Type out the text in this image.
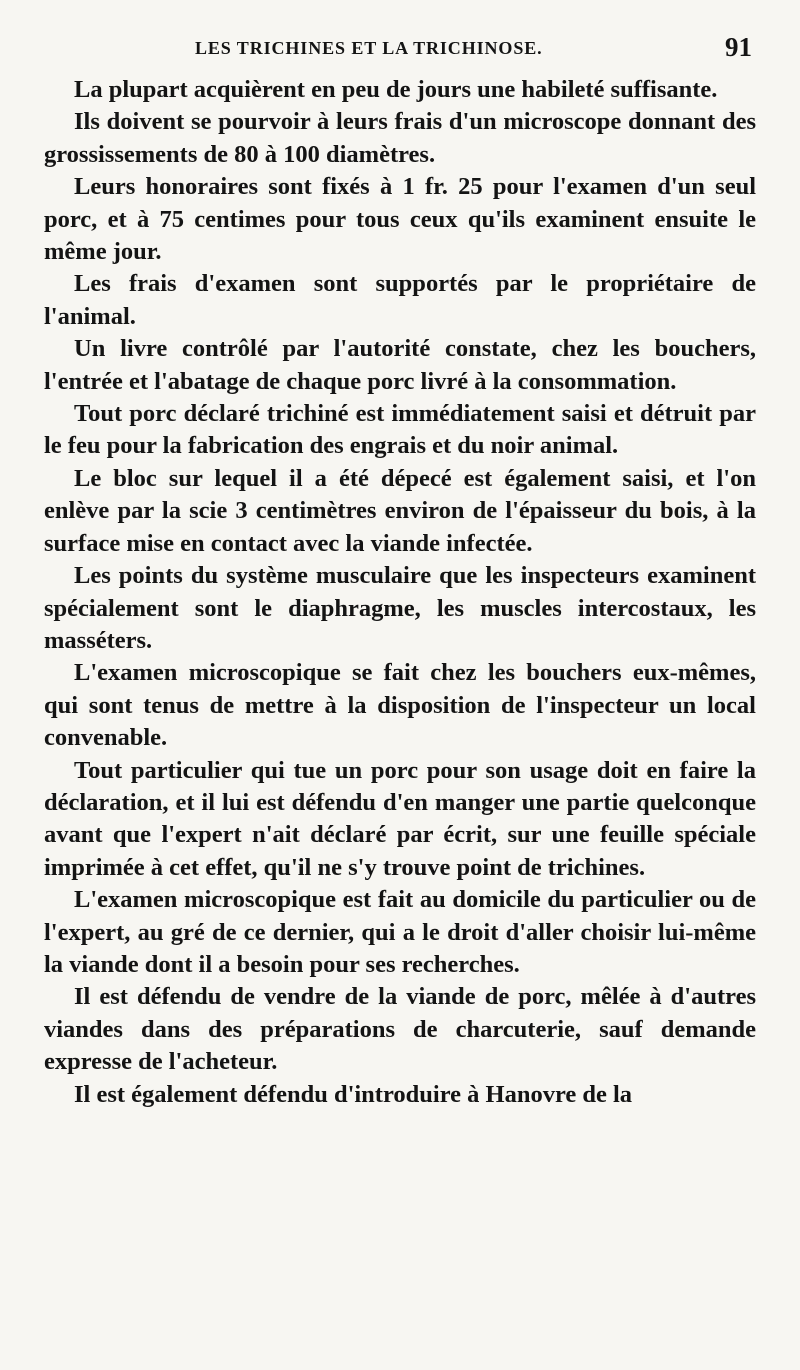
LES TRICHINES ET LA TRICHINOSE.	91

La plupart acquièrent en peu de jours une habileté suffisante.

Ils doivent se pourvoir à leurs frais d'un microscope donnant des grossissements de 80 à 100 diamètres.

Leurs honoraires sont fixés à 1 fr. 25 pour l'examen d'un seul porc, et à 75 centimes pour tous ceux qu'ils examinent ensuite le même jour.

Les frais d'examen sont supportés par le propriétaire de l'animal.

Un livre contrôlé par l'autorité constate, chez les bouchers, l'entrée et l'abatage de chaque porc livré à la consommation.

Tout porc déclaré trichiné est immédiatement saisi et détruit par le feu pour la fabrication des engrais et du noir animal.

Le bloc sur lequel il a été dépecé est également saisi, et l'on enlève par la scie 3 centimètres environ de l'épaisseur du bois, à la surface mise en contact avec la viande infectée.

Les points du système musculaire que les inspecteurs examinent spécialement sont le diaphragme, les muscles intercostaux, les masséters.

L'examen microscopique se fait chez les bouchers eux-mêmes, qui sont tenus de mettre à la disposition de l'inspecteur un local convenable.

Tout particulier qui tue un porc pour son usage doit en faire la déclaration, et il lui est défendu d'en manger une partie quelconque avant que l'expert n'ait déclaré par écrit, sur une feuille spéciale imprimée à cet effet, qu'il ne s'y trouve point de trichines.

L'examen microscopique est fait au domicile du particulier ou de l'expert, au gré de ce dernier, qui a le droit d'aller choisir lui-même la viande dont il a besoin pour ses recherches.

Il est défendu de vendre de la viande de porc, mêlée à d'autres viandes dans des préparations de charcuterie, sauf demande expresse de l'acheteur.

Il est également défendu d'introduire à Hanovre de la
